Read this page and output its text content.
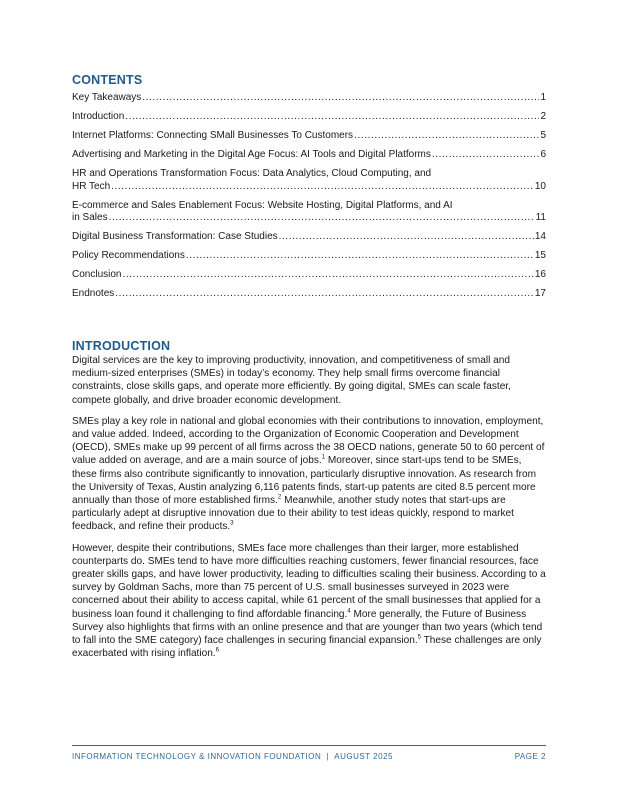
CONTENTS
Key Takeaways .....	1
Introduction .....	2
Internet Platforms: Connecting SMall Businesses To Customers .....	5
Advertising and Marketing in the Digital Age Focus: AI Tools and Digital Platforms .....	6
HR and Operations Transformation Focus: Data Analytics, Cloud Computing, and
HR Tech .....	10
E-commerce and Sales Enablement Focus: Website Hosting, Digital Platforms, and AI
in Sales .....	11
Digital Business Transformation: Case Studies .....	14
Policy Recommendations .....	15
Conclusion .....	16
Endnotes .....	17
INTRODUCTION

Digital services are the key to improving productivity, innovation, and competitiveness of small and medium-sized enterprises (SMEs) in today’s economy. They help small firms overcome financial constraints, close skills gaps, and operate more efficiently. By going digital, SMEs can scale faster, compete globally, and drive broader economic development.

SMEs play a key role in national and global economies with their contributions to innovation, employment, and value added. Indeed, according to the Organization of Economic Cooperation and Development (OECD), SMEs make up 99 percent of all firms across the 38 OECD nations, generate 50 to 60 percent of value added on average, and are a main source of jobs.$^1$ Moreover, since start-ups tend to be SMEs, these firms also contribute significantly to innovation, particularly disruptive innovation. As research from the University of Texas, Austin analyzing 6,116 patents finds, start-up patents are cited 8.5 percent more annually than those of more established firms.$^2$ Meanwhile, another study notes that start-ups are particularly adept at disruptive innovation due to their ability to test ideas quickly, respond to market feedback, and refine their products.$^3$

However, despite their contributions, SMEs face more challenges than their larger, more established counterparts do. SMEs tend to have more difficulties reaching customers, fewer financial resources, face greater skills gaps, and have lower productivity, leading to difficulties scaling their business. According to a survey by Goldman Sachs, more than 75 percent of U.S. small businesses surveyed in 2023 were concerned about their ability to access capital, while 61 percent of the small businesses that applied for a business loan found it challenging to find affordable financing.$^4$ More generally, the Future of Business Survey also highlights that firms with an online presence and that are younger than two years (which tend to fall into the SME category) face challenges in securing financial expansion.$^5$ These challenges are only exacerbated with rising inflation.$^6$

INFORMATION TECHNOLOGY & INNOVATION FOUNDATION  |  AUGUST 2025	PAGE 2
